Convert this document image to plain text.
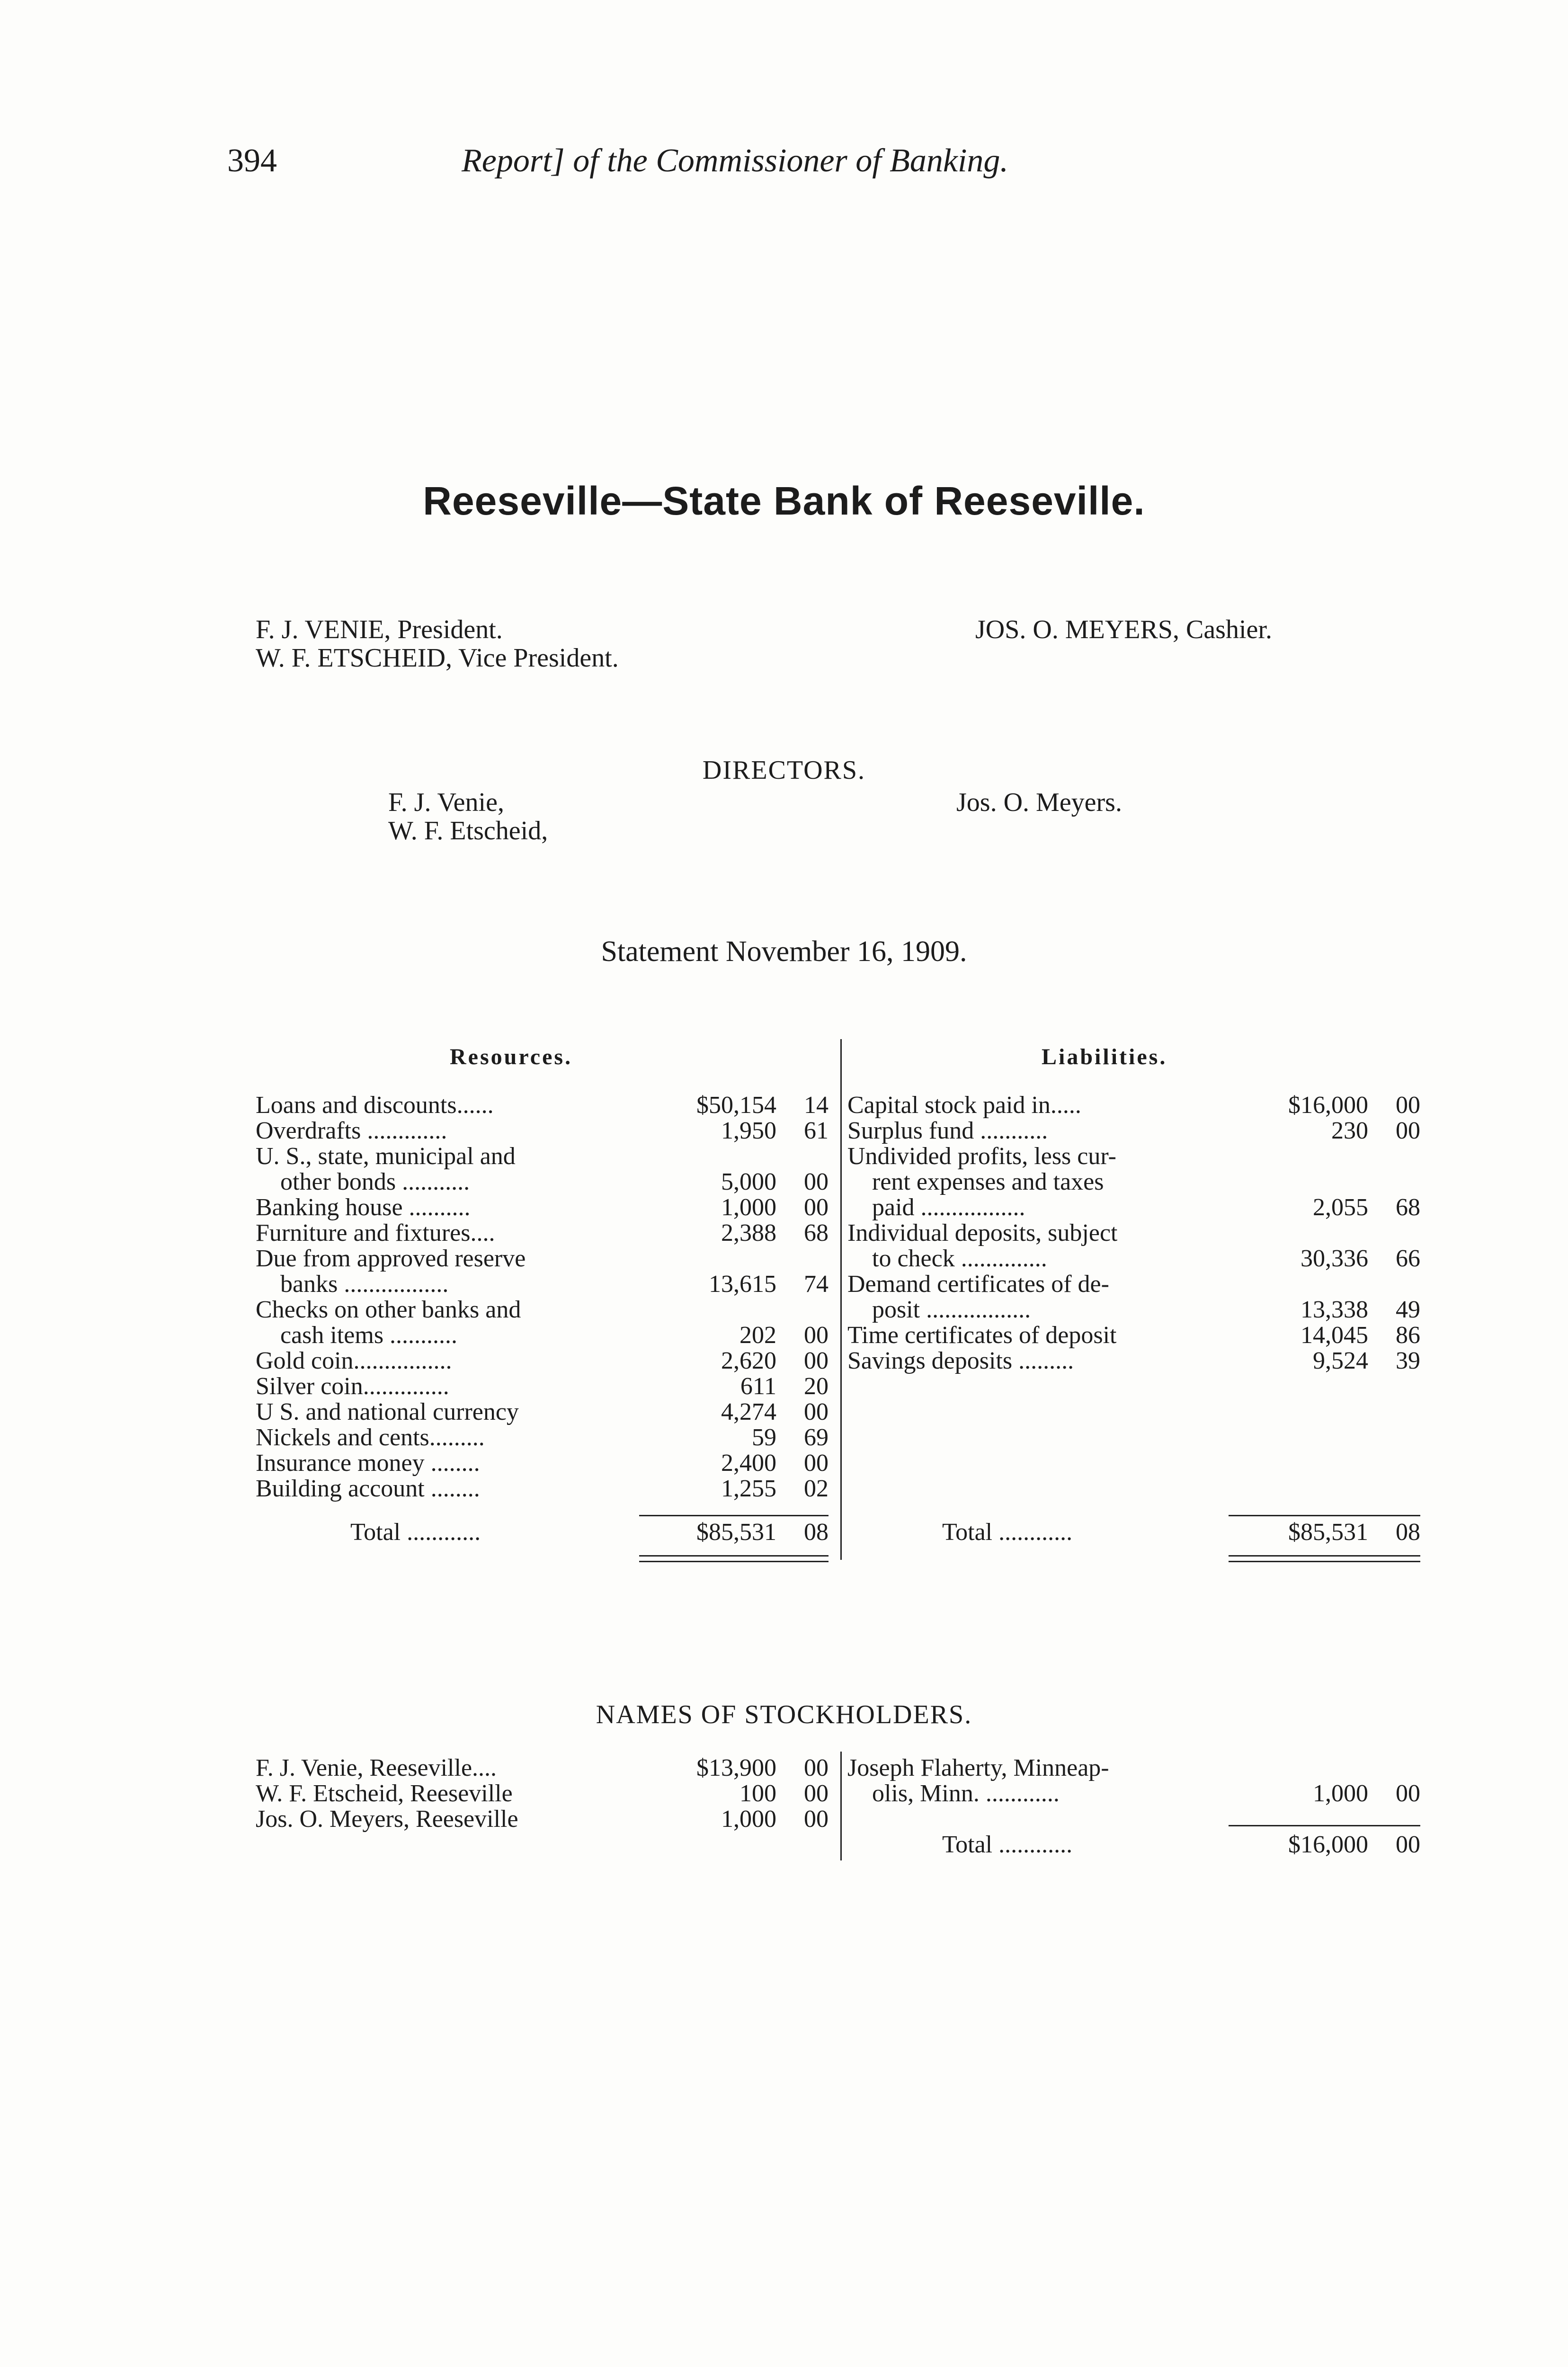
394	Report] of the Commissioner of Banking.
Reeseville—State Bank of Reeseville.
F. J. VENIE, President.
W. F. ETSCHEID, Vice President.
JOS. O. MEYERS, Cashier.
DIRECTORS.
F. J. Venie,
W. F. Etscheid,
Jos. O. Meyers.
Statement November 16, 1909.
Resources.	Liabilities.
Loans and discounts......	$50,154	14
Overdrafts .............	1,950	61
U. S., state, municipal and
other bonds ...........	5,000	00
Banking house ..........	1,000	00
Furniture and fixtures....	2,388	68
Due from approved reserve
banks .................	13,615	74
Checks on other banks and
cash items ...........	202	00
Gold coin................	2,620	00
Silver coin..............	611	20
U S. and national currency	4,274	00
Nickels and cents.........	59	69
Insurance money ........	2,400	00
Building account ........	1,255	02
Capital stock paid in.....	$16,000	00
Surplus fund ...........	230	00
Undivided profits, less cur-
rent expenses and taxes
paid .................	2,055	68
Individual deposits, subject
to check ..............	30,336	66
Demand certificates of de-
posit .................	13,338	49
Time certificates of deposit	14,045	86
Savings deposits .........	9,524	39
Total ............	$85,531	08	Total ............	$85,531	08
NAMES OF STOCKHOLDERS.
F. J. Venie, Reeseville....	$13,900	00
W. F. Etscheid, Reeseville	100	00
Jos. O. Meyers, Reeseville	1,000	00
Joseph Flaherty, Minneap-
olis, Minn. ............	1,000	00
Total ............	$16,000	00
